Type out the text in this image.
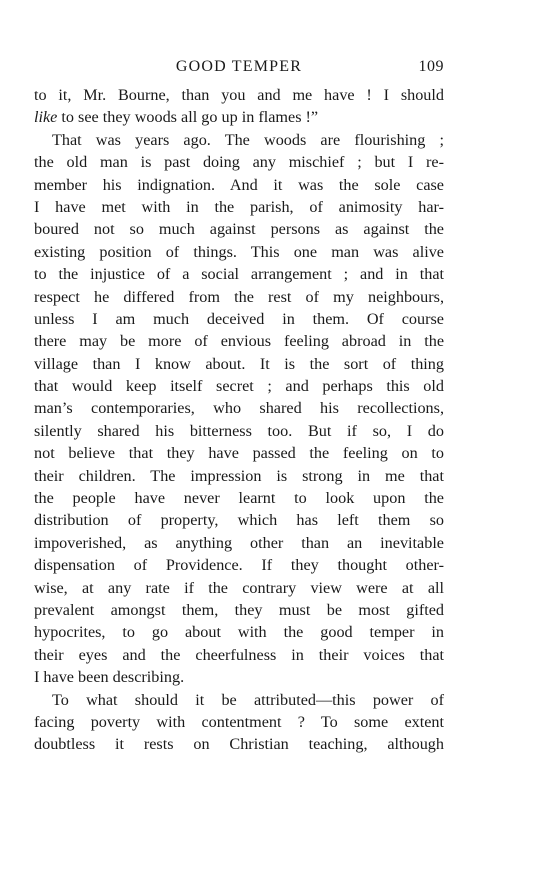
GOOD TEMPER	109
to it, Mr. Bourne, than you and me have ! I should
like to see they woods all go up in flames !”
That was years ago. The woods are flourishing ;
the old man is past doing any mischief ; but I re-
member his indignation. And it was the sole case
I have met with in the parish, of animosity har-
boured not so much against persons as against the
existing position of things. This one man was alive
to the injustice of a social arrangement ; and in that
respect he differed from the rest of my neighbours,
unless I am much deceived in them. Of course
there may be more of envious feeling abroad in the
village than I know about. It is the sort of thing
that would keep itself secret ; and perhaps this old
man’s contemporaries, who shared his recollections,
silently shared his bitterness too. But if so, I do
not believe that they have passed the feeling on to
their children. The impression is strong in me that
the people have never learnt to look upon the
distribution of property, which has left them so
impoverished, as anything other than an inevitable
dispensation of Providence. If they thought other-
wise, at any rate if the contrary view were at all
prevalent amongst them, they must be most gifted
hypocrites, to go about with the good temper in
their eyes and the cheerfulness in their voices that
I have been describing.
To what should it be attributed—this power of
facing poverty with contentment ? To some extent
doubtless it rests on Christian teaching, although
